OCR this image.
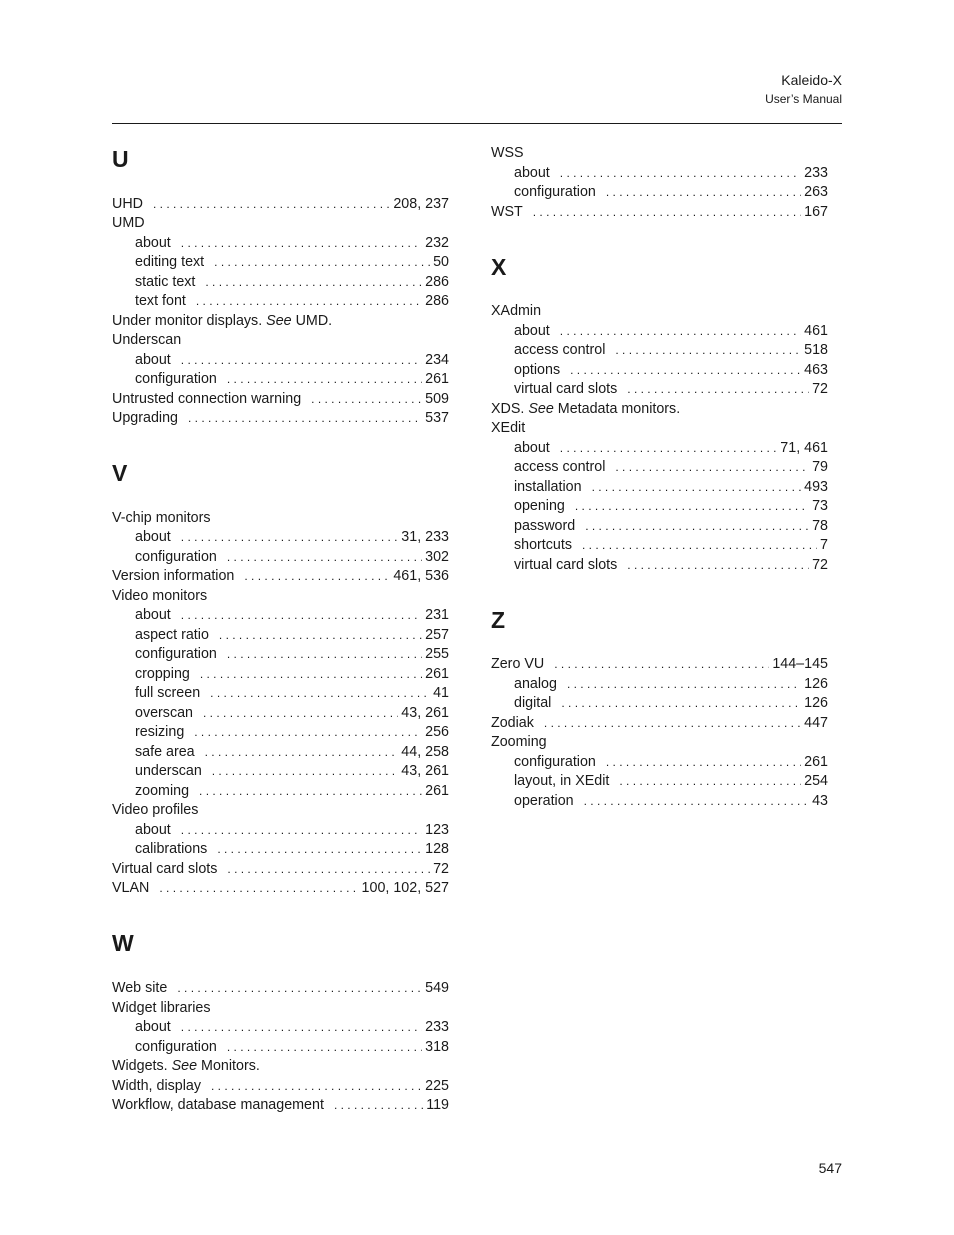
Kaleido-X
User’s Manual
U
UHD . . .	208, 237
UMD
about . . .	232
editing text . . .	50
static text . . .	286
text font . . .	286
Under monitor displays.
See
UMD.
Underscan
about . . .	234
configuration . . .	261
Untrusted connection warning . . .	509
Upgrading . . .	537
V
V-chip monitors
about . . .	31, 233
configuration . . .	302
Version information . . .	461, 536
Video monitors
about . . .	231
aspect ratio . . .	257
configuration . . .	255
cropping . . .	261
full screen . . .	41
overscan . . .	43, 261
resizing . . .	256
safe area . . .	44, 258
underscan . . .	43, 261
zooming . . .	261
Video profiles
about . . .	123
calibrations . . .	128
Virtual card slots . . .	72
VLAN . . .	100, 102, 527
W
Web site . . .	549
Widget libraries
about . . .	233
configuration . . .	318
Widgets.
See
Monitors.
Width, display . . .	225
Workflow, database management . . .	119
WSS
about . . .	233
configuration . . .	263
WST . . .	167
X
XAdmin
about . . .	461
access control . . .	518
options . . .	463
virtual card slots . . .	72
XDS.
See
Metadata monitors.
XEdit
about . . .	71, 461
access control . . .	79
installation . . .	493
opening . . .	73
password . . .	78
shortcuts . . .	7
virtual card slots . . .	72
Z
Zero VU . . .	144–145
analog . . .	126
digital . . .	126
Zodiak . . .	447
Zooming
configuration . . .	261
layout, in XEdit . . .	254
operation . . .	43
547
